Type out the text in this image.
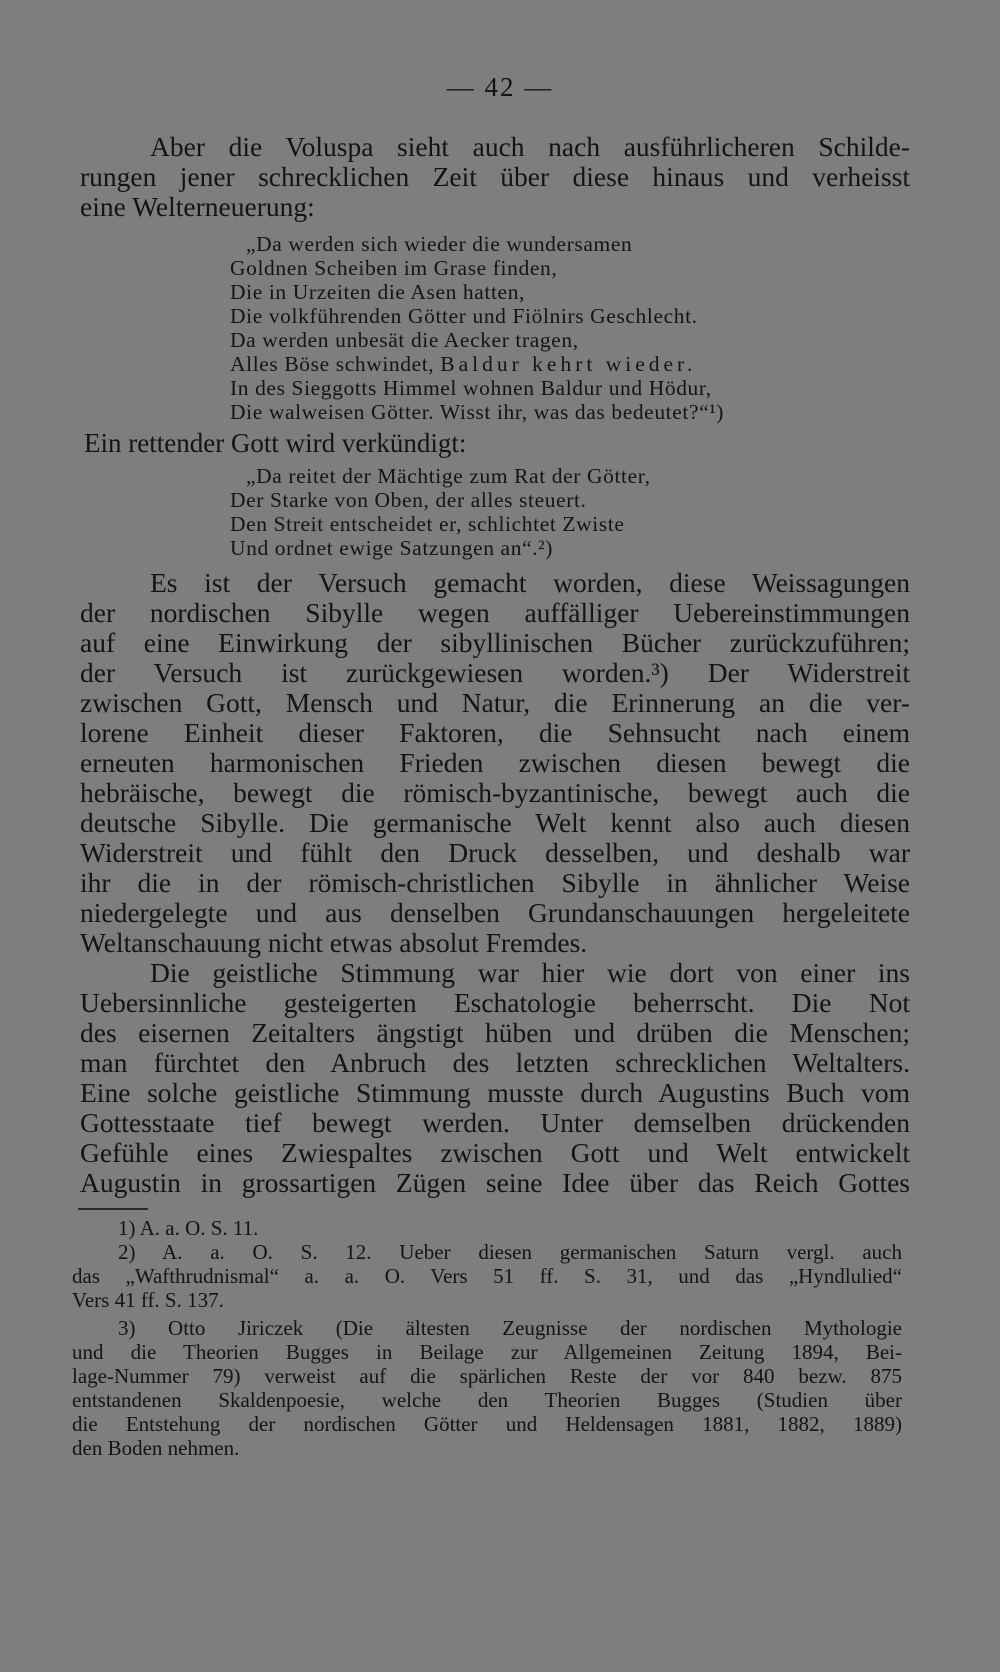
— 42 —
Aber die Voluspa sieht auch nach ausführlicheren Schilde-
rungen jener schrecklichen Zeit über diese hinaus und verheisst
eine Welterneuerung:
„Da werden sich wieder die wundersamen
Goldnen Scheiben im Grase finden,
Die in Urzeiten die Asen hatten,
Die volkführenden Götter und Fiölnirs Geschlecht.
Da werden unbesät die Aecker tragen,
Alles Böse schwindet, Baldur kehrt wieder.
In des Sieggotts Himmel wohnen Baldur und Hödur,
Die walweisen Götter. Wisst ihr, was das bedeutet?“¹)
Ein rettender Gott wird verkündigt:
„Da reitet der Mächtige zum Rat der Götter,
Der Starke von Oben, der alles steuert.
Den Streit entscheidet er, schlichtet Zwiste
Und ordnet ewige Satzungen an“.²)
Es ist der Versuch gemacht worden, diese Weissagungen
der nordischen Sibylle wegen auffälliger Uebereinstimmungen
auf eine Einwirkung der sibyllinischen Bücher zurückzuführen;
der Versuch ist zurückgewiesen worden.³) Der Widerstreit
zwischen Gott, Mensch und Natur, die Erinnerung an die ver-
lorene Einheit dieser Faktoren, die Sehnsucht nach einem
erneuten harmonischen Frieden zwischen diesen bewegt die
hebräische, bewegt die römisch-byzantinische, bewegt auch die
deutsche Sibylle. Die germanische Welt kennt also auch diesen
Widerstreit und fühlt den Druck desselben, und deshalb war
ihr die in der römisch-christlichen Sibylle in ähnlicher Weise
niedergelegte und aus denselben Grundanschauungen hergeleitete
Weltanschauung nicht etwas absolut Fremdes.
Die geistliche Stimmung war hier wie dort von einer ins
Uebersinnliche gesteigerten Eschatologie beherrscht. Die Not
des eisernen Zeitalters ängstigt hüben und drüben die Menschen;
man fürchtet den Anbruch des letzten schrecklichen Weltalters.
Eine solche geistliche Stimmung musste durch Augustins Buch vom
Gottesstaate tief bewegt werden. Unter demselben drückenden
Gefühle eines Zwiespaltes zwischen Gott und Welt entwickelt
Augustin in grossartigen Zügen seine Idee über das Reich Gottes
1) A. a. O. S. 11.
2) A. a. O. S. 12. Ueber diesen germanischen Saturn vergl. auch
das „Wafthrudnismal“ a. a. O. Vers 51 ff. S. 31, und das „Hyndlulied“
Vers 41 ff. S. 137.
3) Otto Jiriczek (Die ältesten Zeugnisse der nordischen Mythologie
und die Theorien Bugges in Beilage zur Allgemeinen Zeitung 1894, Bei-
lage-Nummer 79) verweist auf die spärlichen Reste der vor 840 bezw. 875
entstandenen Skaldenpoesie, welche den Theorien Bugges (Studien über
die Entstehung der nordischen Götter und Heldensagen 1881, 1882, 1889)
den Boden nehmen.
